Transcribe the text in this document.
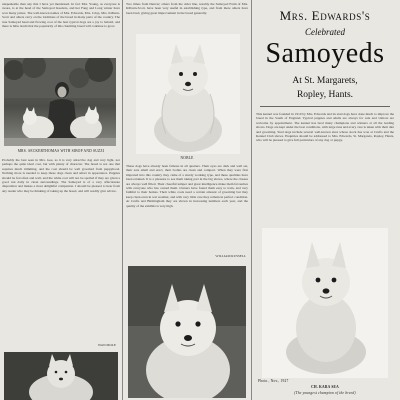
unspeakable than any that I have yet mentioned. In fact Mrs. Young, as everyone is aware, is at the head of the Samoyed breeders, and her Fang and Long winter have won many prizes. The well-known names of Mrs. Edwards, Mrs. Crisp, Mrs. Kilburn-Scott and others carry on the traditions of the breed in many parts of the country. The true Samoyed head and flowing coat of the best typical dogs are a joy to behold, and there is little doubt that the popularity of this charming breed will continue to grow.

MRS. SECKERTHOMAS WITH SIBOP AND SUZZI

Probably the best seen in Mrs. Gee, as it is very attractive dog and very light, not perhaps the quite ideal coat, but with plenty of character. The breed is not one that requires much trimming, and the coat should be well groomed from puppyhood. Nothing more is needed to keep these dogs clean and smart in appearance. Puppies should be fed often and well, and the white coat will not be spoiled if they are given a good run daily in clean surroundings. The Samoyed is of a very affectionate disposition and makes a most delightful companion. I should be pleased to hear from any reader who may be thinking of taking up the breed, and will readily give advice.

WAN MOLE

Two times from Denver; others from the older line, notably the Samoyed Farm of Mrs. Kilburn-Scott, have been very useful in establishing type, and from there others have been bred, giving great improvement in the breed generally.

NOBLE

These dogs have already been famous in all quarters. Their eyes are dark and well set, their ears small and erect, their bodies are clean and compact. When they were first imported into this country they came of a sturdy working type, and these qualities have been retained. It is a pleasure to see them taking part in the big shows, where the classes are always well filled. Their cheerful temper and great intelligence make them favourites with everyone who has owned them. Owners have found them easy to train, and very faithful to their homes. Their white coats need a certain amount of grooming but they keep clean even in wet weather, and with very little care they remain in perfect condition. At Crufts and Birmingham they are shown in increasing numbers each year, and the quality of the exhibits is very high.

WILLIAM RUSSELL

Mrs. Edwards's
Celebrated
Samoyeds
At St. Margarets,
Ropley, Hants.

This kennel was founded in 1910 by Mrs. Edwards and its stud dogs have done much to improve the breed in the South of England. Typical puppies and adults are always for sale and visitors are welcome by appointment. The kennel has bred many champions and winners at all the leading shows. Dogs are kept under the best conditions, with large runs and every care is taken with their diet and grooming. Stud dogs include several well-known sires whose stock has won at Crufts and the Kennel Club shows. Enquiries should be addressed to Mrs. Edwards, St. Margarets, Ropley, Hants, who will be pleased to give full particulars of any dog or puppy.

Photo., Nov., 1927

CH. KARA SEA

(The youngest champion of the breed)
